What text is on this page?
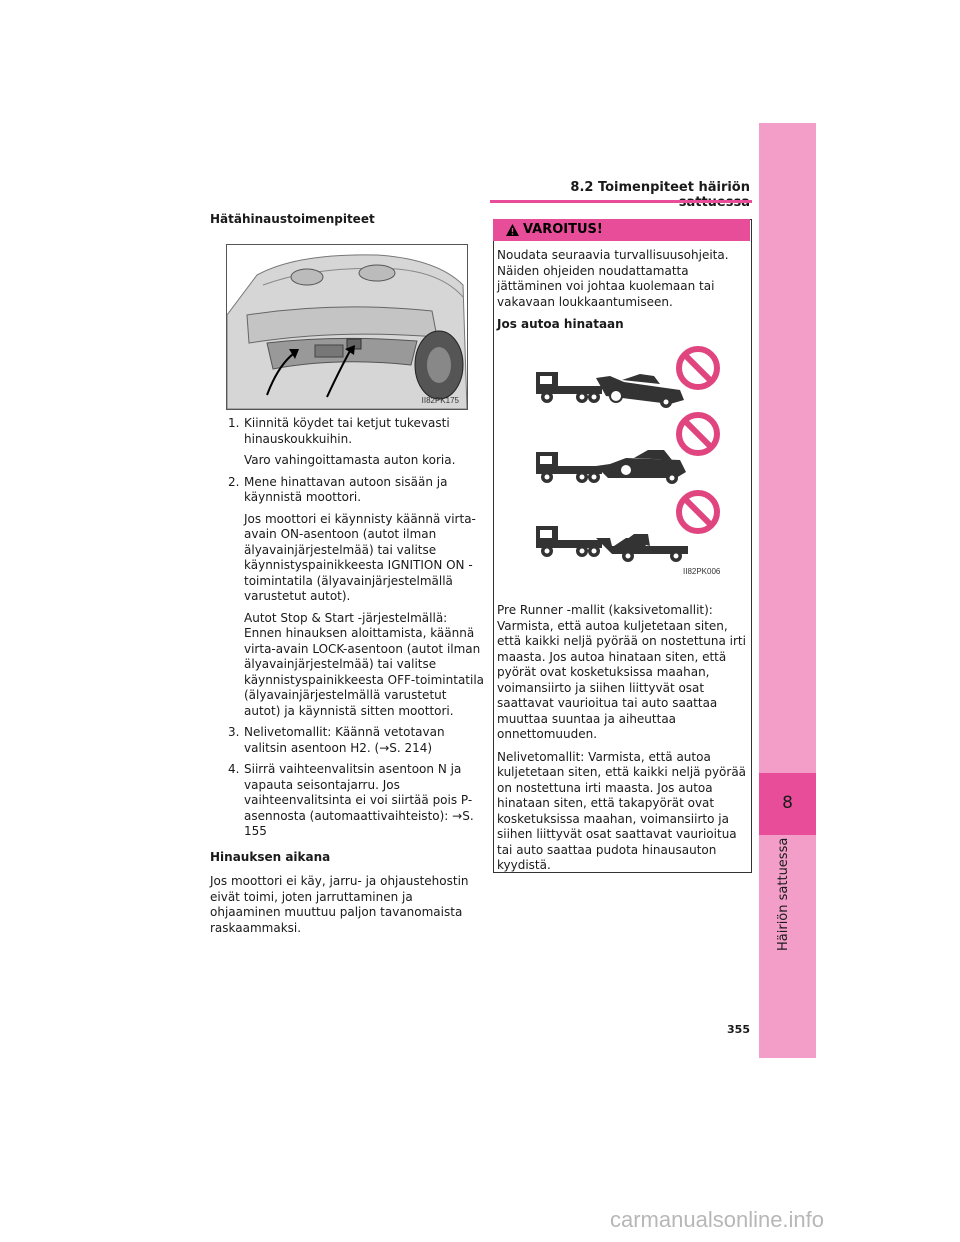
8
Häiriön sattuessa
8.2 Toimenpiteet häiriön
Hätähinaustoimenpiteet
II82PK175
1. Kiinnitä köydet tai ketjut tukevasti hinauskoukkuihin.

Varo vahingoittamasta auton koria.

2. Mene hinattavan autoon sisään ja käynnistä moottori.

Jos moottori ei käynnisty käännä virta-avain ON-asentoon (autot ilman älyavainjärjestelmää) tai valitse käynnistyspainikkeesta IGNITION ON -toimintatila (älyavainjärjestelmällä varustetut autot).

Autot Stop & Start -järjestelmällä: Ennen hinauksen aloittamista, käännä virta-avain LOCK-asentoon (autot ilman älyavainjärjestelmää) tai valitse käynnistyspainikkeesta OFF-toimintatila (älyavainjärjestelmällä varustetut autot) ja käynnistä sitten moottori.

3. Nelivetomallit: Käännä vetotavan valitsin asentoon H2. (→S. 214)

4. Siirrä vaihteenvalitsin asentoon N ja vapauta seisontajarru. Jos vaihteenvalitsinta ei voi siirtää pois P-asennosta (automaattivaihteisto): →S. 155

Hinauksen aikana

Jos moottori ei käy, jarru- ja ohjaustehostin eivät toimi, joten jarruttaminen ja ohjaaminen muuttuu paljon tavanomaista raskaammaksi.

VAROITUS!

Noudata seuraavia turvallisuusohjeita. Näiden ohjeiden noudattamatta jättäminen voi johtaa kuolemaan tai vakavaan loukkaantumiseen.

Jos autoa hinataan

II82PK006

Pre Runner -mallit (kaksivetomallit): Varmista, että autoa kuljetetaan siten, että kaikki neljä pyörää on nostettuna irti maasta. Jos autoa hinataan siten, että pyörät ovat kosketuksissa maahan, voimansiirto ja siihen liittyvät osat saattavat vaurioitua tai auto saattaa muuttaa suuntaa ja aiheuttaa onnettomuuden.

Nelivetomallit: Varmista, että autoa kuljetetaan siten, että kaikki neljä pyörää on nostettuna irti maasta. Jos autoa hinataan siten, että takapyörät ovat kosketuksissa maahan, voimansiirto ja siihen liittyvät osat saattavat vaurioitua tai auto saattaa pudota hinausauton kyydistä.

355
carmanualsonline.info
